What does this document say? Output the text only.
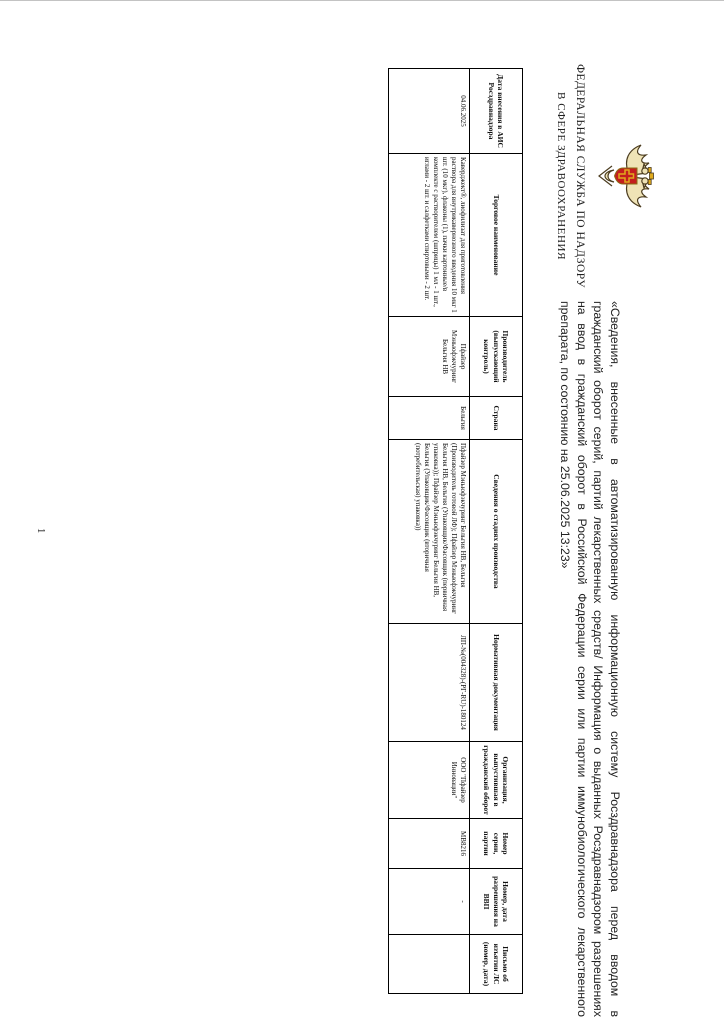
ФЕДЕРАЛЬНАЯ СЛУЖБА ПО НАДЗОРУ
В СФЕРЕ ЗДРАВООХРАНЕНИЯ
«Сведения, внесенные в автоматизированную информационную систему Росздравнадзора перед вводом в
гражданский оборот серий, партий лекарственных средств/ Информация о выданных Росздравнадзором разрешениях
на ввод в гражданский оборот в Российской Федерации серии или партии иммунобиологического лекарственного
препарата, по состоянию на 25.06.2025 13:23»
Дата внесения в АИС Росздравнадзора	Торговое наименование	Производитель (выпускающий контроль)	Страна	Сведения о стадиях производства	Нормативная документация	Организация, выпустившая в гражданский оборот	Номер серии, партии	Номер, дата разрешения на ВВП	Письмо об изъятии ЛС (номер, дата)
04.06.2025	Каверджект®, лиофилизат для приготовления раствора для внутрикавернозного введения 10 мкг 1 шт. (10 мкг), флаконы (1), пачки картонные/в комплекте с растворителем (шприцы) 1 мл - 1 шт., иглами - 2 шт. и салфетками спиртовыми - 2 шт.	Пфайзер Мэньюфэкчуринг Бельгия НВ	Бельгия	Пфайзер Мэньюфэкчуринг Бельгия НВ, Бельгия (Производитель готовой ЛФ); Пфайзер Мэньюфэкчуринг Бельгия НВ, Бельгия (Упаковщик/Фасовщик (первичная упаковка)); Пфайзер Мэньюфэкчуринг Бельгия НВ, Бельгия (Упаковщик/Фасовщик (вторичная (потребительская) упаковка))	ЛП-№(004328)-(РГ-RU)-180124	ООО "Пфайзер Инновации"	MB8216	-	
1
